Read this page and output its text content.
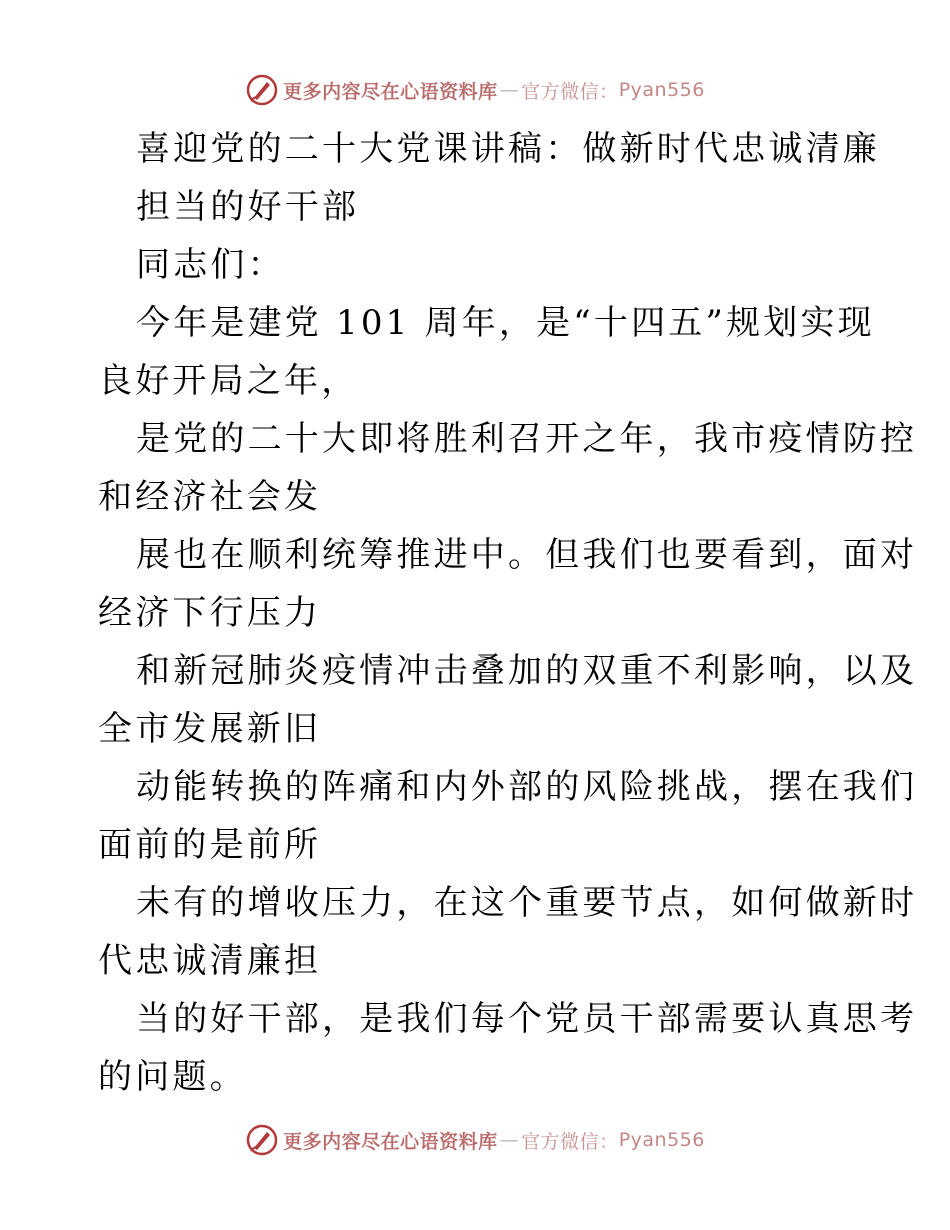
更多内容尽在心语资料库 — 官方微信： Pyan556
喜迎党的二十大党课讲稿：做新时代忠诚清廉
担当的好干部
同志们：
今年是建党 101 周年，是“十四五”规划实现
良好开局之年，
是党的二十大即将胜利召开之年，我市疫情防控
和经济社会发
展也在顺利统筹推进中。但我们也要看到，面对
经济下行压力
和新冠肺炎疫情冲击叠加的双重不利影响，以及
全市发展新旧
动能转换的阵痛和内外部的风险挑战，摆在我们
面前的是前所
未有的增收压力，在这个重要节点，如何做新时
代忠诚清廉担
当的好干部，是我们每个党员干部需要认真思考
的问题。
更多内容尽在心语资料库 — 官方微信： Pyan556
